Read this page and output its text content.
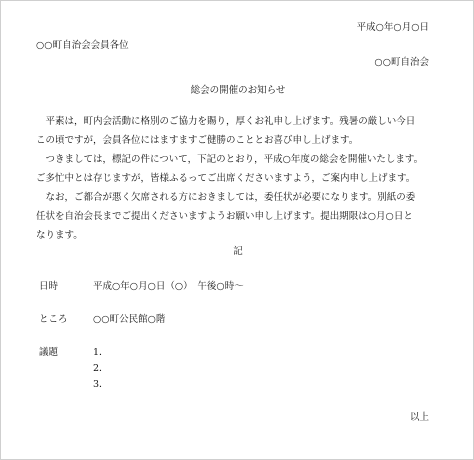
平成○年○月○日
○○町自治会会員各位
○○町自治会
総会の開催のお知らせ
　平素は，町内会活動に格別のご協力を賜り，厚くお礼申し上げます。残暑の厳しい今日
この頃ですが，会員各位にはますますご健勝のこととお喜び申し上げます。
　つきましては，標記の件について，下記のとおり，平成○年度の総会を開催いたします。
ご多忙中とは存じますが，皆様ふるってご出席くださいますよう，ご案内申し上げます。
　なお，ご都合が悪く欠席される方におきましては，委任状が必要になります。別紙の委
任状を自治会長までご提出くださいますようお願い申し上げます。提出期限は○月○日と
なります。
記
日時	平成○年○月○日（○）　午後○時～
ところ	○○町公民館○階
議題	1．
2．
3．
以上
